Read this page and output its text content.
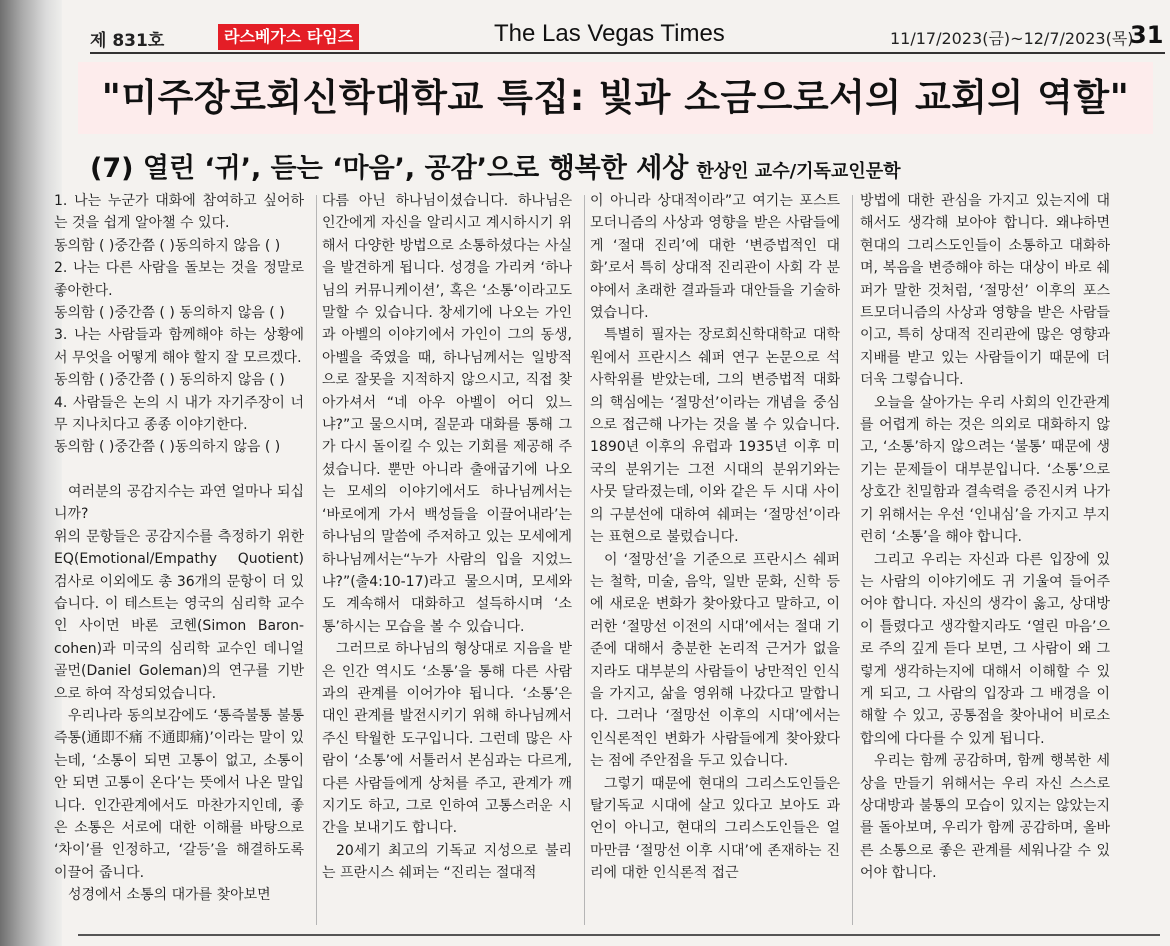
제 831호	라스베가스 타임즈	The Las Vegas Times	11/17/2023(금)~12/7/2023(목)
31
"미주장로회신학대학교 특집: 빛과 소금으로서의 교회의 역할"
(7) 열린 ‘귀’, 듣는 ‘마음’, 공감’으로 행복한 세상 한상인 교수/기독교인문학

1. 나는 누군가 대화에 참여하고 싶어하는 것을 쉽게 알아챌 수 있다.

동의함 ( )중간쯤 ( )동의하지 않음 ( )

2. 나는 다른 사람을 돌보는 것을 정말로 좋아한다.

동의함 ( )중간쯤 ( ) 동의하지 않음 ( )

3. 나는 사람들과 함께해야 하는 상황에서 무엇을 어떻게 해야 할지 잘 모르겠다.

동의함 ( )중간쯤 ( ) 동의하지 않음 ( )

4. 사람들은 논의 시 내가 자기주장이 너무 지나치다고 종종 이야기한다.

동의함 ( )중간쯤 ( )동의하지 않음 ( )

여러분의 공감지수는 과연 얼마나 되십니까?

위의 문항들은 공감지수를 측정하기 위한 EQ(Emotional/Empathy Quotient) 검사로 이외에도 총 36개의 문항이 더 있습니다. 이 테스트는 영국의 심리학 교수인 사이먼 바론 코헨(Simon Baron-cohen)과 미국의 심리학 교수인 데니얼 골먼(Daniel Goleman)의 연구를 기반으로 하여 작성되었습니다.

우리나라 동의보감에도 ‘통즉불통 불통즉통(通即不痛 不通即痛)’이라는 말이 있는데, ‘소통이 되면 고통이 없고, 소통이 안 되면 고통이 온다’는 뜻에서 나온 말입니다. 인간관계에서도 마찬가지인데, 좋은 소통은 서로에 대한 이해를 바탕으로 ‘차이’를 인정하고, ‘갈등’을 해결하도록 이끌어 줍니다.

성경에서 소통의 대가를 찾아보면

다름 아닌 하나님이셨습니다. 하나님은 인간에게 자신을 알리시고 계시하시기 위해서 다양한 방법으로 소통하셨다는 사실을 발견하게 됩니다. 성경을 가리켜 ‘하나님의 커뮤니케이션’, 혹은 ‘소통’이라고도 말할 수 있습니다. 창세기에 나오는 가인과 아벨의 이야기에서 가인이 그의 동생, 아벨을 죽였을 때, 하나님께서는 일방적으로 잘못을 지적하지 않으시고, 직접 찾아가셔서 “네 아우 아벨이 어디 있느냐?”고 물으시며, 질문과 대화를 통해 그가 다시 돌이킬 수 있는 기회를 제공해 주셨습니다. 뿐만 아니라 출애굽기에 나오는 모세의 이야기에서도 하나님께서는 ‘바로에게 가서 백성들을 이끌어내라’는 하나님의 말씀에 주저하고 있는 모세에게 하나님께서는“누가 사람의 입을 지었느냐?”(출4:10-17)라고 물으시며, 모세와도 계속해서 대화하고 설득하시며 ‘소통’하시는 모습을 볼 수 있습니다.

그러므로 하나님의 형상대로 지음을 받은 인간 역시도 ‘소통’을 통해 다른 사람과의 관계를 이어가야 됩니다. ‘소통’은 대인 관계를 발전시키기 위해 하나님께서 주신 탁월한 도구입니다. 그런데 많은 사람이 ‘소통’에 서툴러서 본심과는 다르게, 다른 사람들에게 상처를 주고, 관계가 깨지기도 하고, 그로 인하여 고통스러운 시간을 보내기도 합니다.

20세기 최고의 기독교 지성으로 불리는 프란시스 쉐퍼는 “진리는 절대적

이 아니라 상대적이라”고 여기는 포스트모더니즘의 사상과 영향을 받은 사람들에게 ‘절대 진리’에 대한 ‘변증법적인 대화’로서 특히 상대적 진리관이 사회 각 분야에서 초래한 결과들과 대안들을 기술하였습니다.

특별히 필자는 장로회신학대학교 대학원에서 프란시스 쉐퍼 연구 논문으로 석사학위를 받았는데, 그의 변증법적 대화의 핵심에는 ‘절망선’이라는 개념을 중심으로 접근해 나가는 것을 볼 수 있습니다. 1890년 이후의 유럽과 1935년 이후 미국의 분위기는 그전 시대의 분위기와는 사뭇 달라졌는데, 이와 같은 두 시대 사이의 구분선에 대하여 쉐퍼는 ‘절망선’이라는 표현으로 불렀습니다.

이 ‘절망선’을 기준으로 프란시스 쉐퍼는 철학, 미술, 음악, 일반 문화, 신학 등에 새로운 변화가 찾아왔다고 말하고, 이러한 ‘절망선 이전의 시대’에서는 절대 기준에 대해서 충분한 논리적 근거가 없을지라도 대부분의 사람들이 낭만적인 인식을 가지고, 삶을 영위해 나갔다고 말합니다. 그러나 ‘절망선 이후의 시대’에서는 인식론적인 변화가 사람들에게 찾아왔다는 점에 주안점을 두고 있습니다.

그렇기 때문에 현대의 그리스도인들은 탈기독교 시대에 살고 있다고 보아도 과언이 아니고, 현대의 그리스도인들은 얼마만큼 ‘절망선 이후 시대’에 존재하는 진리에 대한 인식론적 접근

방법에 대한 관심을 가지고 있는지에 대해서도 생각해 보아야 합니다. 왜냐하면 현대의 그리스도인들이 소통하고 대화하며, 복음을 변증해야 하는 대상이 바로 쉐퍼가 말한 것처럼, ‘절망선’ 이후의 포스트모더니즘의 사상과 영향을 받은 사람들이고, 특히 상대적 진리관에 많은 영향과 지배를 받고 있는 사람들이기 때문에 더더욱 그렇습니다.

오늘을 살아가는 우리 사회의 인간관계를 어렵게 하는 것은 의외로 대화하지 않고, ‘소통’하지 않으려는 ‘불통’ 때문에 생기는 문제들이 대부분입니다. ‘소통’으로 상호간 친밀함과 결속력을 증진시켜 나가기 위해서는 우선 ‘인내심’을 가지고 부지런히 ‘소통’을 해야 합니다.

그리고 우리는 자신과 다른 입장에 있는 사람의 이야기에도 귀 기울여 들어주어야 합니다. 자신의 생각이 옳고, 상대방이 틀렸다고 생각할지라도 ‘열린 마음’으로 주의 깊게 듣다 보면, 그 사람이 왜 그렇게 생각하는지에 대해서 이해할 수 있게 되고, 그 사람의 입장과 그 배경을 이해할 수 있고, 공통점을 찾아내어 비로소 합의에 다다를 수 있게 됩니다.

우리는 함께 공감하며, 함께 행복한 세상을 만들기 위해서는 우리 자신 스스로 상대방과 불통의 모습이 있지는 않았는지를 돌아보며, 우리가 함께 공감하며, 올바른 소통으로 좋은 관계를 세워나갈 수 있어야 합니다.
